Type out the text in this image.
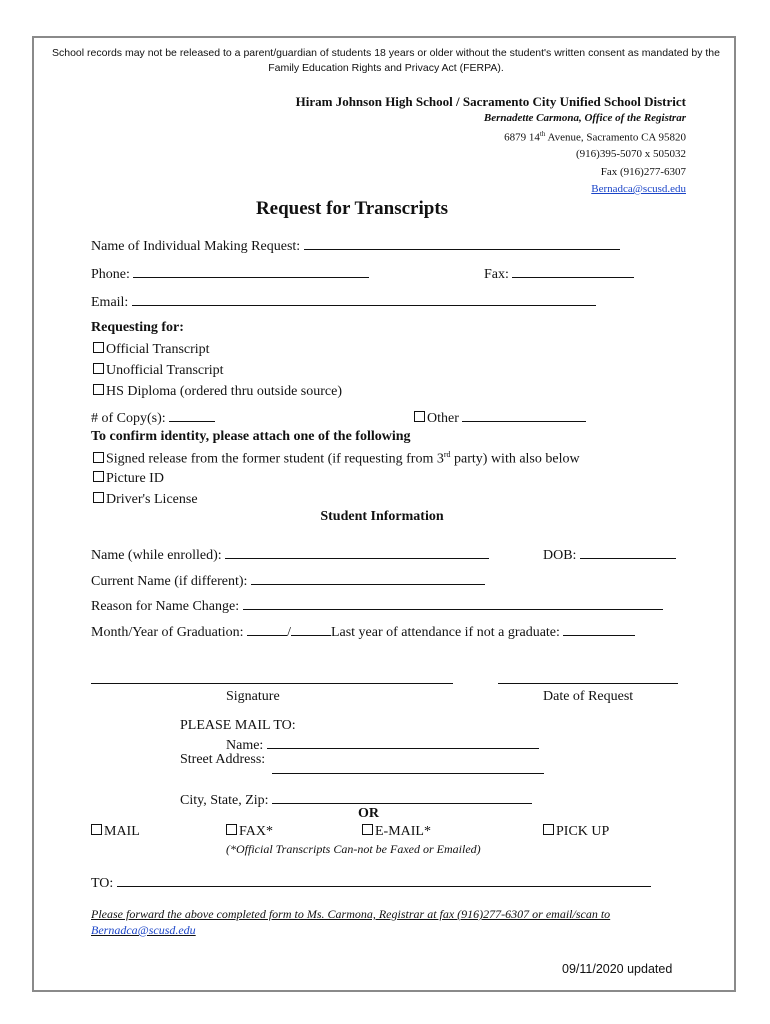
School records may not be released to a parent/guardian of students 18 years or older without the student's written consent as mandated by the Family Education Rights and Privacy Act (FERPA).
Hiram Johnson High School / Sacramento City Unified School District
Bernadette Carmona, Office of the Registrar
6879 14th Avenue, Sacramento CA 95820
(916)395-5070 x 505032
Fax (916)277-6307
Bernadca@scusd.edu
Request for Transcripts
Name of Individual Making Request:
Phone:	Fax:
Email:
Requesting for:
Official Transcript
Unofficial Transcript
HS Diploma (ordered thru outside source)
# of Copy(s):	Other
To confirm identity, please attach one of the following
Signed release from the former student (if requesting from 3rd party) with also below
Picture ID
Driver's License
Student Information
Name (while enrolled):	DOB:
Current Name (if different):
Reason for Name Change:
Month/Year of Graduation:	/	Last year of attendance if not a graduate:
Signature	Date of Request
PLEASE MAIL TO:
Name:
Street Address:
City, State, Zip:
OR
MAIL	FAX*	E-MAIL*	PICK UP
(*Official Transcripts Can-not be Faxed or Emailed)
TO:
Please forward the above completed form to Ms. Carmona, Registrar at fax (916)277-6307 or email/scan to Bernadca@scusd.edu
09/11/2020 updated
